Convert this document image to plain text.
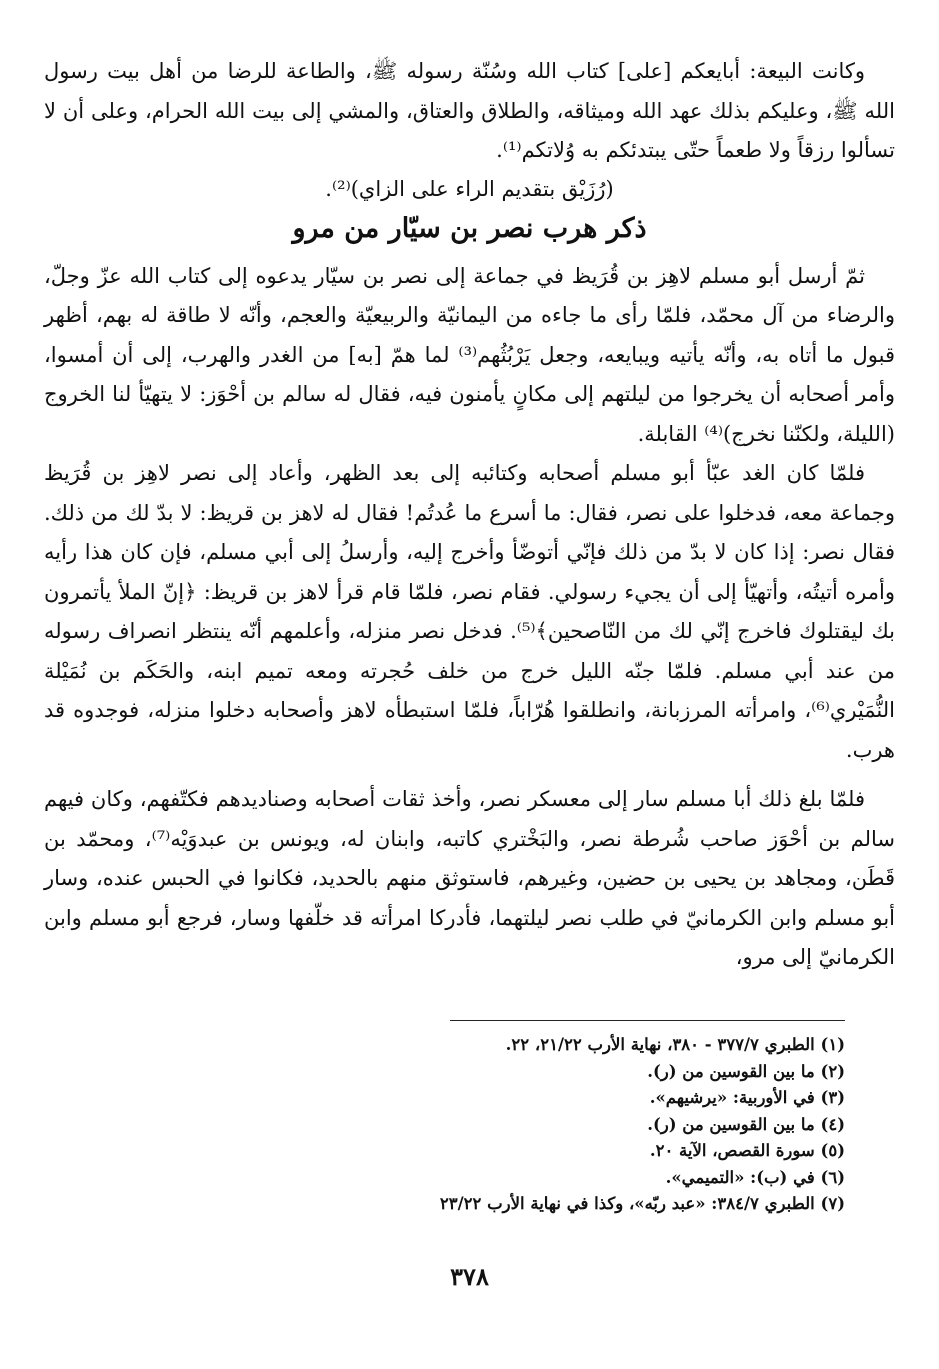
وكانت البيعة: أبايعكم [على] كتاب الله وسُنّة رسوله ﷺ، والطاعة للرضا من أهل بيت رسول الله ﷺ، وعليكم بذلك عهد الله وميثاقه، والطلاق والعتاق، والمشي إلى بيت الله الحرام، وعلى أن لا تسألوا رزقاً ولا طعماً حتّى يبتدئكم به وُلاتكم⁽¹⁾.

(رُزَيْق بتقديم الراء على الزاي)⁽²⁾.

ذكر هرب نصر بن سيّار من مرو

ثمّ أرسل أبو مسلم لاهِز بن قُرَيظ في جماعة إلى نصر بن سيّار يدعوه إلى كتاب الله عزّ وجلّ، والرضاء من آل محمّد، فلمّا رأى ما جاءه من اليمانيّة والربيعيّة والعجم، وأنّه لا طاقة له بهم، أظهر قبول ما أتاه به، وأنّه يأتيه ويبايعه، وجعل يَرْبُثُهم⁽³⁾ لما همّ [به] من الغدر والهرب، إلى أن أمسوا، وأمر أصحابه أن يخرجوا من ليلتهم إلى مكانٍ يأمنون فيه، فقال له سالم بن أحْوَز: لا يتهيّأ لنا الخروج (الليلة، ولكنّنا نخرج)⁽⁴⁾ القابلة.

فلمّا كان الغد عبّأ أبو مسلم أصحابه وكتائبه إلى بعد الظهر، وأعاد إلى نصر لاهِز بن قُرَيظ وجماعة معه، فدخلوا على نصر، فقال: ما أسرع ما عُدتُم! فقال له لاهز بن قريظ: لا بدّ لك من ذلك. فقال نصر: إذا كان لا بدّ من ذلك فإنّي أتوضّأ وأخرج إليه، وأرسلُ إلى أبي مسلم، فإن كان هذا رأيه وأمره أتيتُه، وأتهيّأ إلى أن يجيء رسولي. فقام نصر، فلمّا قام قرأ لاهز بن قريظ: ﴿إنّ الملأ يأتمرون بك ليقتلوك فاخرج إنّي لك من النّاصحين﴾⁽⁵⁾. فدخل نصر منزله، وأعلمهم أنّه ينتظر انصراف رسوله من عند أبي مسلم. فلمّا جنّه الليل خرج من خلف حُجرته ومعه تميم ابنه، والحَكَم بن نُمَيْلة النُّمَيْري⁽⁶⁾، وامرأته المرزبانة، وانطلقوا هُرّاباً، فلمّا استبطأه لاهز وأصحابه دخلوا منزله، فوجدوه قد هرب.

فلمّا بلغ ذلك أبا مسلم سار إلى معسكر نصر، وأخذ ثقات أصحابه وصناديدهم فكتّفهم، وكان فيهم سالم بن أحْوَز صاحب شُرطة نصر، والبَخْتري كاتبه، وابنان له، ويونس بن عبدوَيْه⁽⁷⁾، ومحمّد بن قَطَن، ومجاهد بن يحيى بن حضين، وغيرهم، فاستوثق منهم بالحديد، فكانوا في الحبس عنده، وسار أبو مسلم وابن الكرمانيّ في طلب نصر ليلتهما، فأدركا امرأته قد خلّفها وسار، فرجع أبو مسلم وابن الكرمانيّ إلى مرو،

(١) الطبري ٣٧٧/٧ - ٣٨٠، نهاية الأرب ٢١/٢٢، ٢٢.

(٢) ما بين القوسين من (ر).

(٣) في الأوربية: «يرشيهم».

(٤) ما بين القوسين من (ر).

(٥) سورة القصص، الآية ٢٠.

(٦) في (ب): «التميمي».

(٧) الطبري ٣٨٤/٧: «عبد ربّه»، وكذا في نهاية الأرب ٢٣/٢٢

٣٧٨
